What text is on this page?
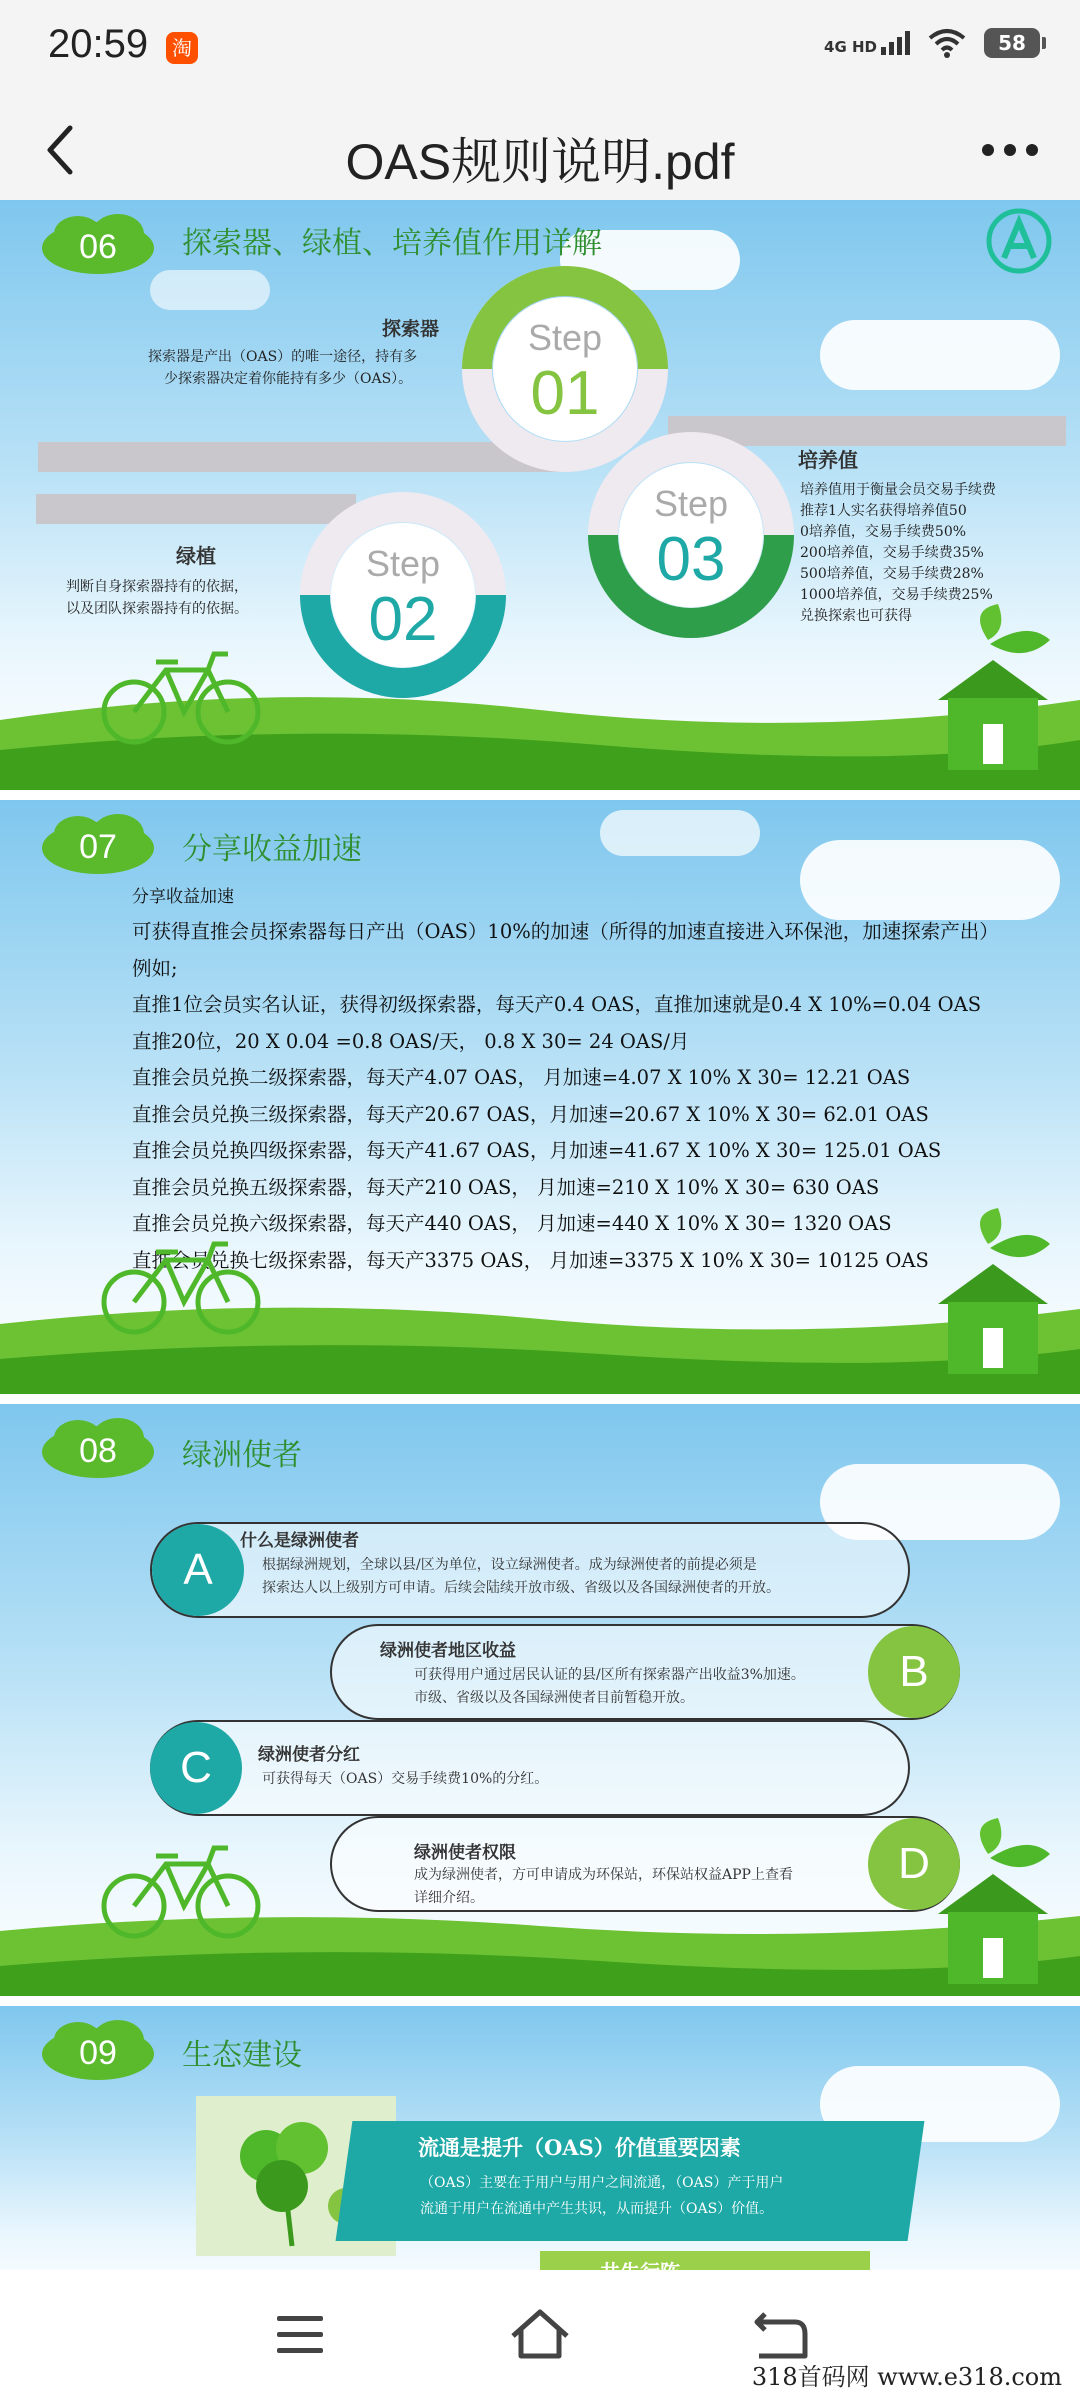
20:59	淘	4G HD	58
OAS规则说明.pdf
06 探索器、绿植、培养值作用详解
Step
01
探索器
探索器是产出（OAS）的唯一途径，持有多
少探索器决定着你能持有多少（OAS）。
Step
02
绿植
判断自身探索器持有的依据，
以及团队探索器持有的依据。
Step
03
培养值
培养值用于衡量会员交易手续费
推荐1人实名获得培养值50
0培养值，交易手续费50%
200培养值，交易手续费35%
500培养值，交易手续费28%
1000培养值，交易手续费25%
兑换探索也可获得
07 分享收益加速
分享收益加速
可获得直推会员探索器每日产出（OAS）10%的加速（所得的加速直接进入环保池，加速探索产出）
例如;
直推1位会员实名认证，获得初级探索器，每天产0.4 OAS，直推加速就是0.4 X 10%=0.04 OAS
直推20位，20 X 0.04 =0.8 OAS/天， 0.8 X 30= 24 OAS/月
直推会员兑换二级探索器，每天产4.07 OAS， 月加速=4.07 X 10% X 30= 12.21 OAS
直推会员兑换三级探索器，每天产20.67 OAS，月加速=20.67 X 10% X 30= 62.01 OAS
直推会员兑换四级探索器，每天产41.67 OAS，月加速=41.67 X 10% X 30= 125.01 OAS
直推会员兑换五级探索器，每天产210 OAS， 月加速=210 X 10% X 30= 630 OAS
直推会员兑换六级探索器，每天产440 OAS， 月加速=440 X 10% X 30= 1320 OAS
直推会员兑换七级探索器，每天产3375 OAS， 月加速=3375 X 10% X 30= 10125 OAS
08 绿洲使者
A
什么是绿洲使者
根据绿洲规划，全球以县/区为单位，设立绿洲使者。成为绿洲使者的前提必须是
探索达人以上级别方可申请。后续会陆续开放市级、省级以及各国绿洲使者的开放。
B
绿洲使者地区收益
可获得用户通过居民认证的县/区所有探索器产出收益3%加速。
市级、省级以及各国绿洲使者目前暂稳开放。
C	绿洲使者分红
可获得每天（OAS）交易手续费10%的分红。
D
绿洲使者权限
成为绿洲使者，方可申请成为环保站，环保站权益APP上查看
详细介绍。
09 生态建设
流通是提升（OAS）价值重要因素
（OAS）主要在于用户与用户之间流通，（OAS）产于用户
流通于用户在流通中产生共识，从而提升（OAS）价值。
318首码网 www.e318.com
